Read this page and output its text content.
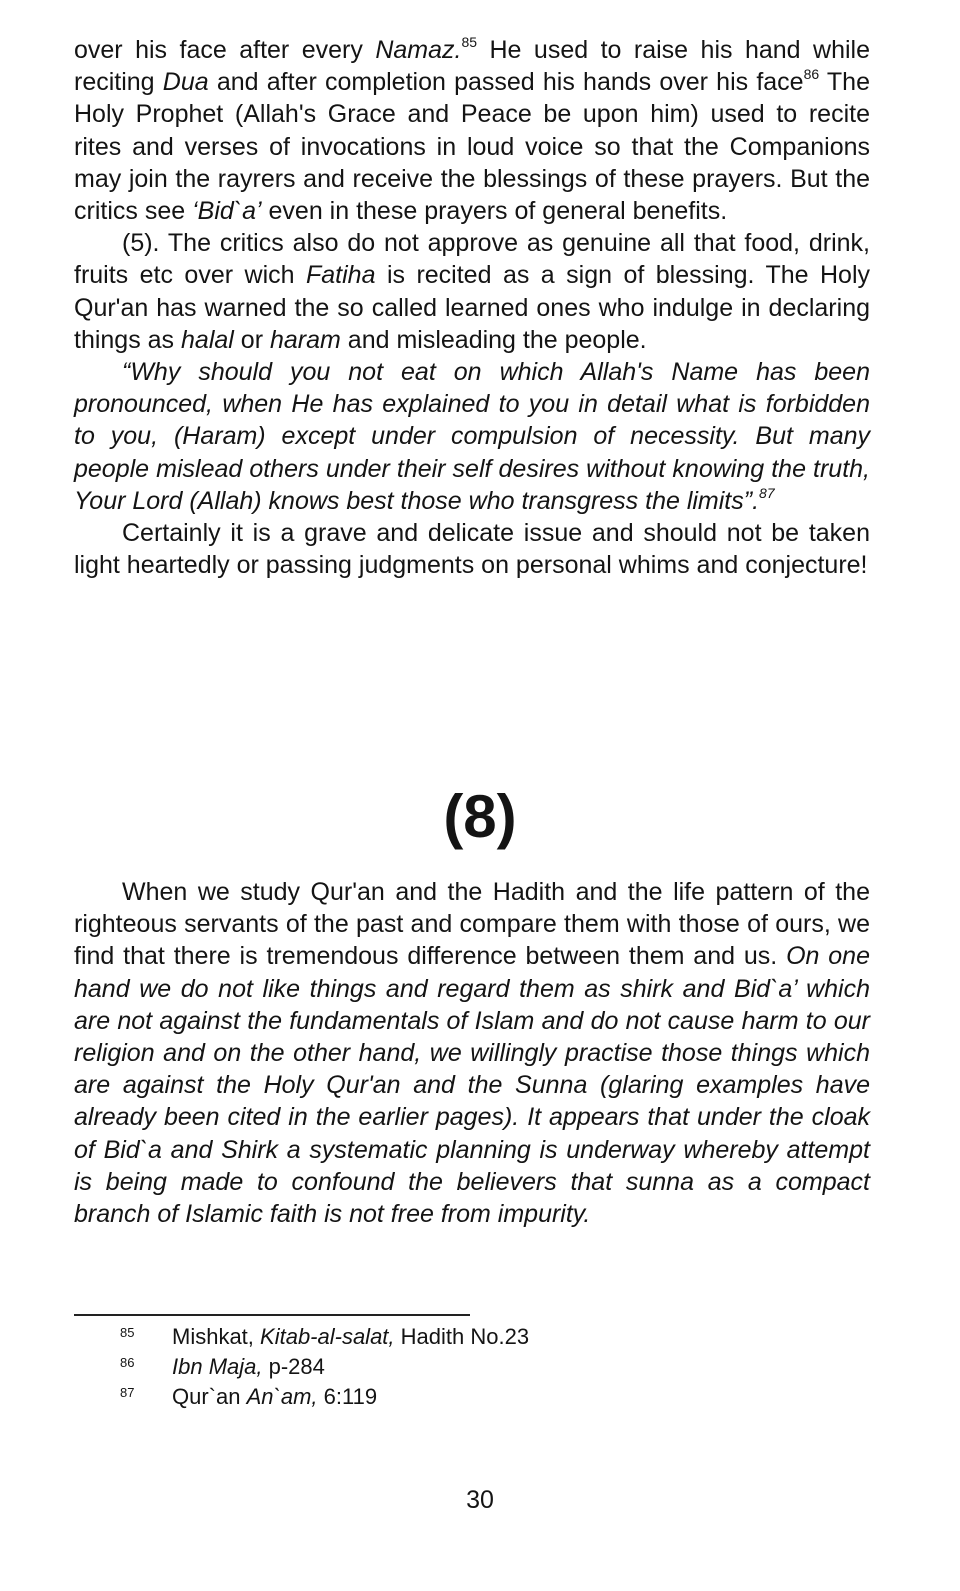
over his face after every Namaz.$^{85}$ He used to raise his hand while reciting Dua and after completion passed his hands over his face$^{86}$ The Holy Prophet (Allah's Grace and Peace be upon him) used to recite rites and verses of invocations in loud voice so that the Companions may join the rayrers and receive the blessings of these prayers. But the critics see ‘Bid`a’ even in these prayers of general benefits.

(5). The critics also do not approve as genuine all that food, drink, fruits etc over wich Fatiha is recited as a sign of blessing. The Holy Qur'an has warned the so called learned ones who indulge in declaring things as halal or haram and misleading the people.

“Why should you not eat on which Allah's Name has been pronounced, when He has explained to you in detail what is forbidden to you, (Haram) except under compulsion of necessity. But many people mislead others under their self desires without knowing the truth, Your Lord (Allah) knows best those who transgress the limits”.$^{87}$

Certainly it is a grave and delicate issue and should not be taken light heartedly or passing judgments on personal whims and conjecture!

(8)

When we study Qur'an and the Hadith and the life pattern of the righteous servants of the past and compare them with those of ours, we find that there is tremendous difference between them and us. On one hand we do not like things and regard them as shirk and Bid`a’ which are not against the fundamentals of Islam and do not cause harm to our religion and on the other hand, we willingly practise those things which are against the Holy Qur'an and the Sunna (glaring examples have already been cited in the earlier pages). It appears that under the cloak of Bid`a and Shirk a systematic planning is underway whereby attempt is being made to confound the believers that sunna as a compact branch of Islamic faith is not free from impurity.

85 Mishkat, Kitab-al-salat, Hadith No.23
86 Ibn Maja, p-284
87 Qur`an An`am, 6:119
30
